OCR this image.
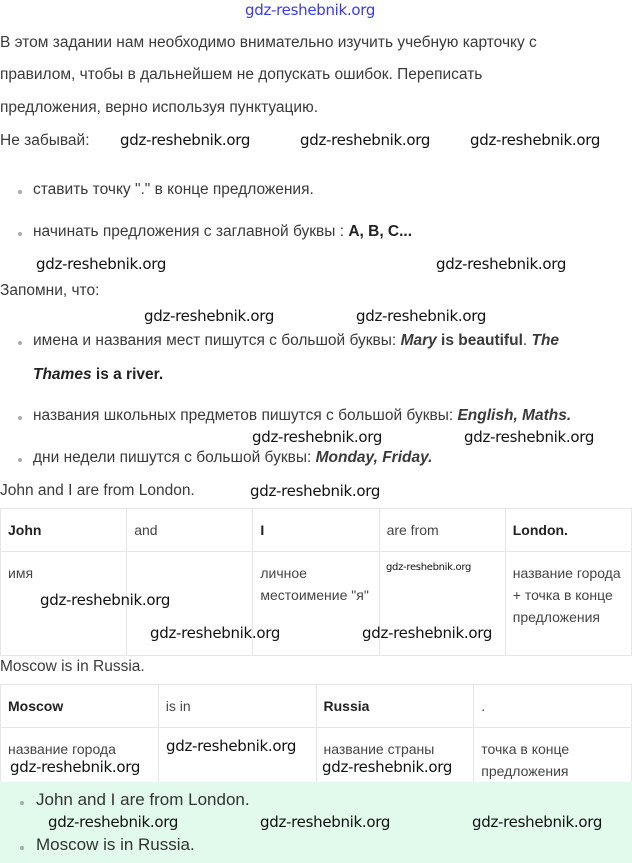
gdz-reshebnik.org
В этом задании нам необходимо внимательно изучить учебную карточку с
правилом, чтобы в дальнейшем не допускать ошибок. Переписать
предложения, верно используя пунктуацию.
Не забывай:
ставить точку "." в конце предложения.
начинать предложения с заглавной буквы : A, B, C...
Запомни, что:
имена и названия мест пишутся с большой буквы: Mary is beautiful. The
Thames is a river.
названия школьных предметов пишутся с большой буквы: English, Maths.
дни недели пишутся с большой буквы: Monday, Friday.
John and I are from London.
John	and	I	are from	London.
имя		личное местоимение "я"		название города + точка в конце предложения
Moscow is in Russia.
Moscow	is in	Russia	.
название города		название страны	точка в конце предложения
John and I are from London.
Moscow is in Russia.
gdz-reshebnik.org	gdz-reshebnik.org	gdz-reshebnik.org
gdz-reshebnik.org	gdz-reshebnik.org
gdz-reshebnik.org	gdz-reshebnik.org
gdz-reshebnik.org	gdz-reshebnik.org
gdz-reshebnik.org
gdz-reshebnik.org
gdz-reshebnik.org
gdz-reshebnik.org	gdz-reshebnik.org
gdz-reshebnik.org
gdz-reshebnik.org
gdz-reshebnik.org
gdz-reshebnik.org	gdz-reshebnik.org	gdz-reshebnik.org
